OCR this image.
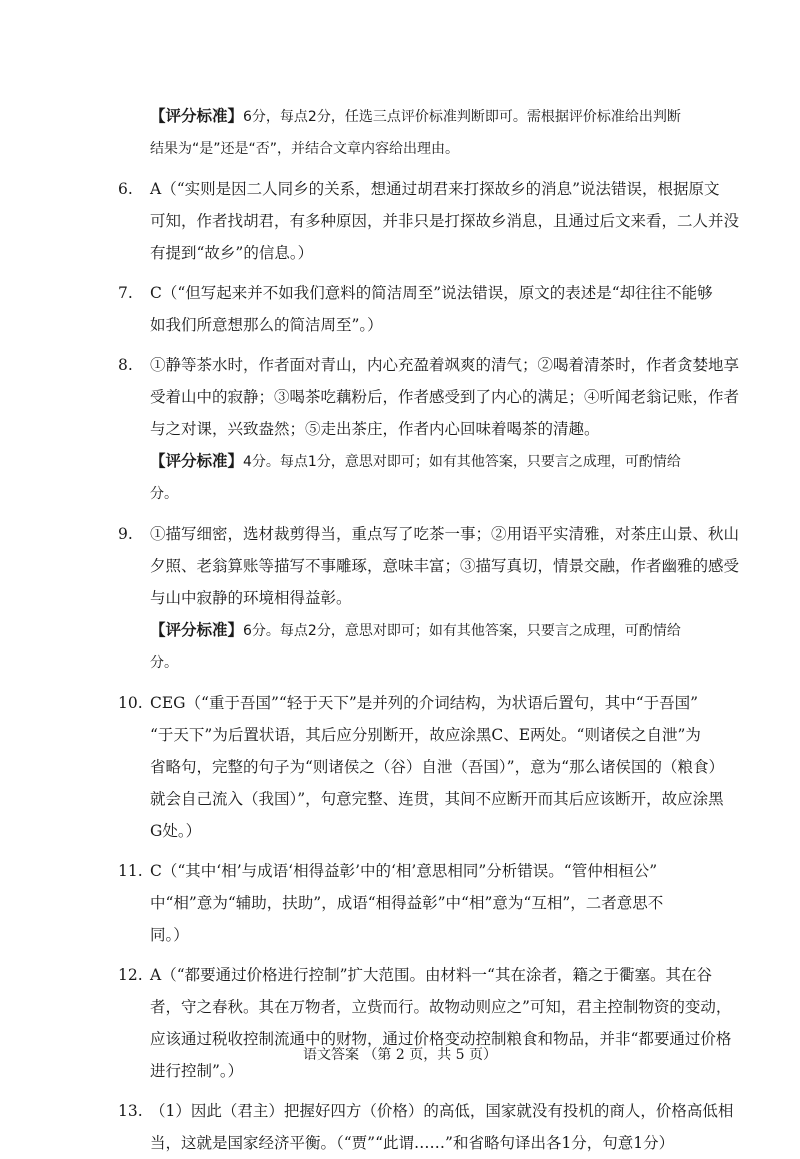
【评分标准】6分，每点2分，任选三点评价标准判断即可。需根据评价标准给出判断
结果为“是”还是“否”，并结合文章内容给出理由。
6. A（“实则是因二人同乡的关系，想通过胡君来打探故乡的消息”说法错误，根据原文
可知，作者找胡君，有多种原因，并非只是打探故乡消息，且通过后文来看，二人并没
有提到“故乡”的信息。）
7. C（“但写起来并不如我们意料的简洁周至”说法错误，原文的表述是“却往往不能够
如我们所意想那么的简洁周至”。）
8. ①静等茶水时，作者面对青山，内心充盈着飒爽的清气；②喝着清茶时，作者贪婪地享
受着山中的寂静；③喝茶吃藕粉后，作者感受到了内心的满足；④听闻老翁记账，作者
与之对课，兴致盎然；⑤走出茶庄，作者内心回味着喝茶的清趣。
【评分标准】4分。每点1分，意思对即可；如有其他答案，只要言之成理，可酌情给
分。
9. ①描写细密，选材裁剪得当，重点写了吃茶一事；②用语平实清雅，对茶庄山景、秋山
夕照、老翁算账等描写不事雕琢，意味丰富；③描写真切，情景交融，作者幽雅的感受
与山中寂静的环境相得益彰。
【评分标准】6分。每点2分，意思对即可；如有其他答案，只要言之成理，可酌情给
分。
10. CEG（“重于吾国”“轻于天下”是并列的介词结构，为状语后置句，其中“于吾国”
“于天下”为后置状语，其后应分别断开，故应涂黑C、E两处。“则诸侯之自泄”为
省略句，完整的句子为“则诸侯之（谷）自泄（吾国）”，意为“那么诸侯国的（粮食）
就会自己流入（我国）”，句意完整、连贯，其间不应断开而其后应该断开，故应涂黑
G处。）
11. C（“其中‘相’与成语‘相得益彰’中的‘相’意思相同”分析错误。“管仲相桓公”
中“相”意为“辅助，扶助”，成语“相得益彰”中“相”意为“互相”，二者意思不
同。）
12. A（“都要通过价格进行控制”扩大范围。由材料一“其在涂者，籍之于衢塞。其在谷
者，守之春秋。其在万物者，立赀而行。故物动则应之”可知，君主控制物资的变动，
应该通过税收控制流通中的财物，通过价格变动控制粮食和物品，并非“都要通过价格
进行控制”。）
13. （1）因此（君主）把握好四方（价格）的高低，国家就没有投机的商人，价格高低相
当，这就是国家经济平衡。（“贾”“此谓……”和省略句译出各1分，句意1分）
语文答案 （第 2 页，共 5 页）
